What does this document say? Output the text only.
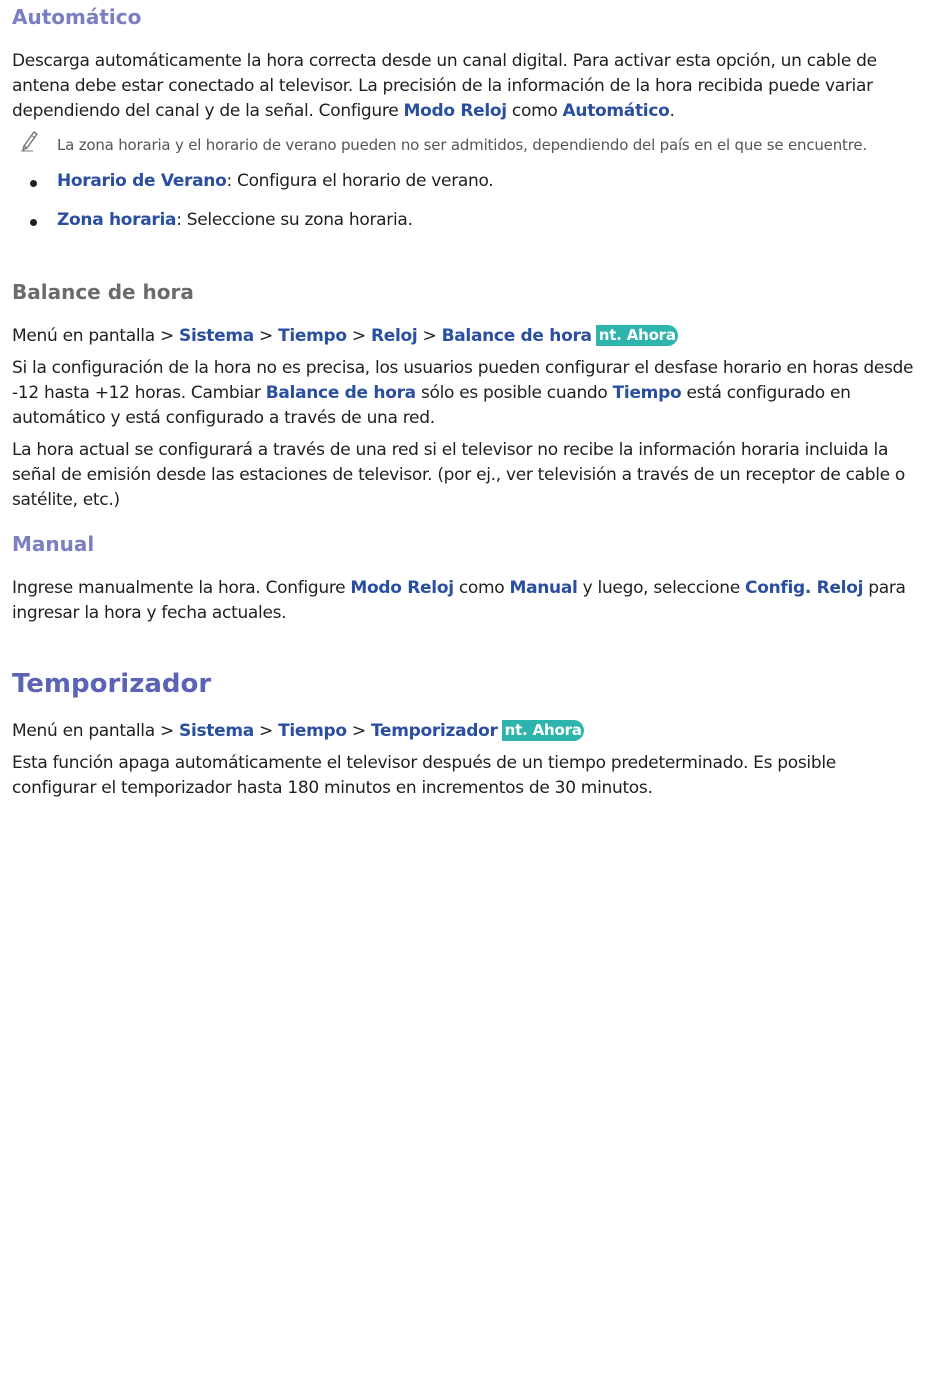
Automático

Descarga automáticamente la hora correcta desde un canal digital. Para activar esta opción, un cable de antena debe estar conectado al televisor. La precisión de la información de la hora recibida puede variar dependiendo del canal y de la señal. Configure Modo Reloj como Automático.

La zona horaria y el horario de verano pueden no ser admitidos, dependiendo del país en el que se encuentre.

Horario de Verano: Configura el horario de verano.
Zona horaria: Seleccione su zona horaria.
Balance de hora
Menú en pantalla > Sistema > Tiempo > Reloj > Balance de hora nt. Ahora

Si la configuración de la hora no es precisa, los usuarios pueden configurar el desfase horario en horas desde -12 hasta +12 horas. Cambiar Balance de hora sólo es posible cuando Tiempo está configurado en automático y está configurado a través de una red.

La hora actual se configurará a través de una red si el televisor no recibe la información horaria incluida la señal de emisión desde las estaciones de televisor. (por ej., ver televisión a través de un receptor de cable o satélite, etc.)

Manual

Ingrese manualmente la hora. Configure Modo Reloj como Manual y luego, seleccione Config. Reloj para ingresar la hora y fecha actuales.

Temporizador
Menú en pantalla > Sistema > Tiempo > Temporizador nt. Ahora

Esta función apaga automáticamente el televisor después de un tiempo predeterminado. Es posible configurar el temporizador hasta 180 minutos en incrementos de 30 minutos.
